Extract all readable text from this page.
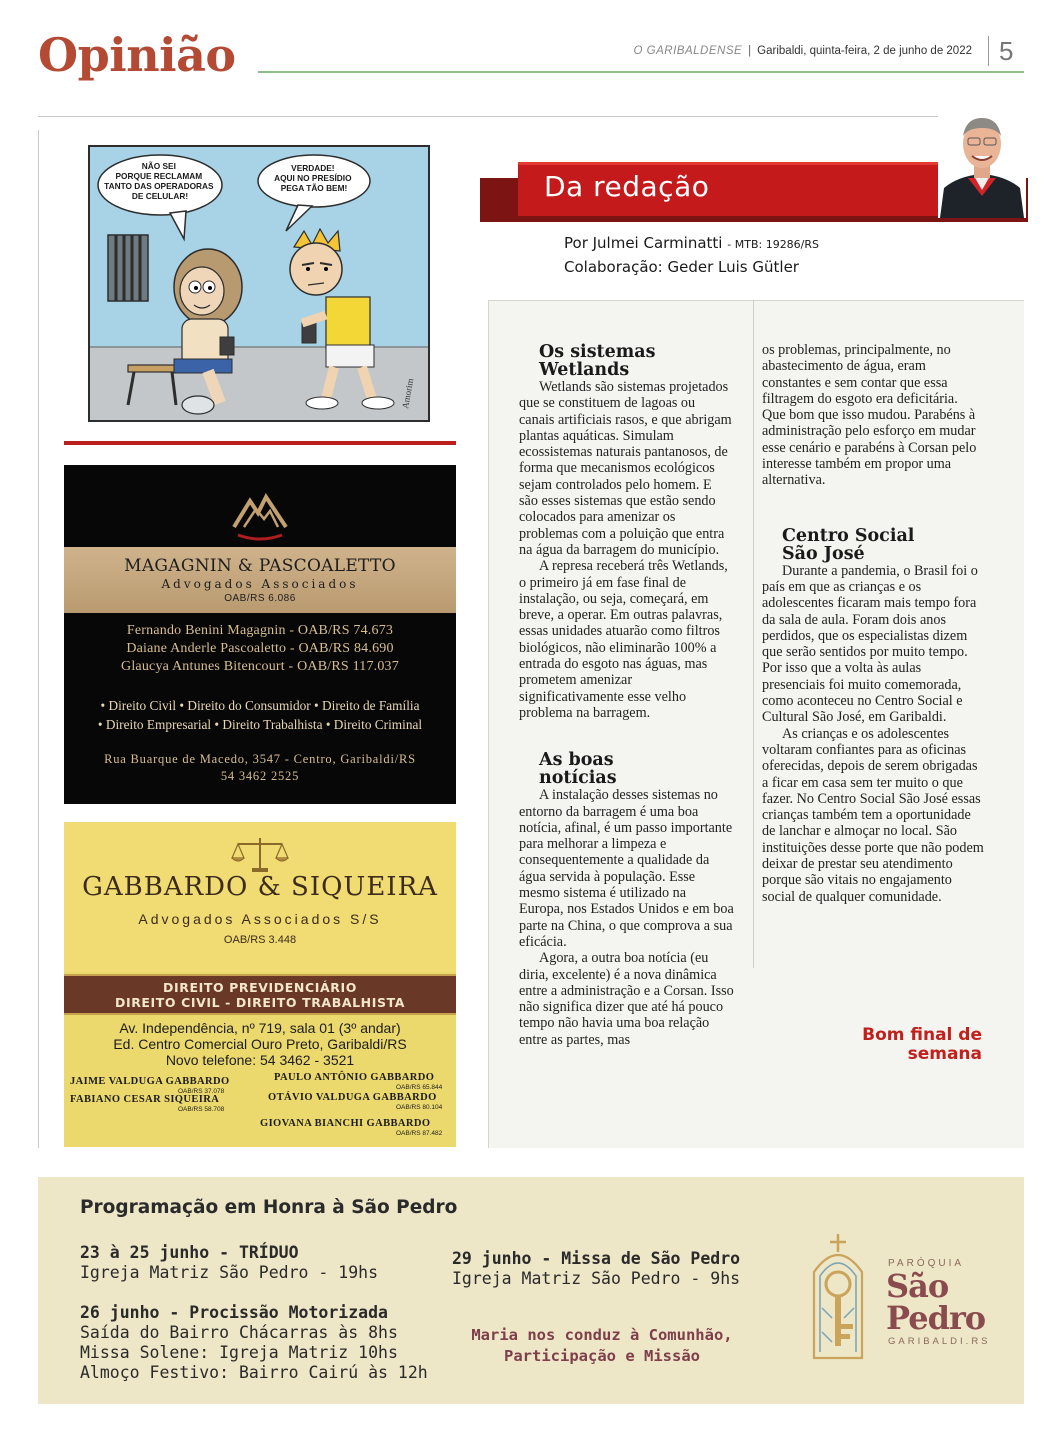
Opinião	O GARIBALDENSE | Garibaldi, quinta-feira, 2 de junho de 2022	5
NÃO SEI PORQUE RECLAMAM TANTO DAS OPERADORAS DE CELULAR!
VERDADE! AQUI NO PRESÍDIO PEGA TÃO BEM!
Amorim
MAGAGNIN & PASCOALETTO
Advogados Associados
OAB/RS 6.086
Fernando Benini Magagnin - OAB/RS 74.673
Daiane Anderle Pascoaletto - OAB/RS 84.690
Glaucya Antunes Bitencourt - OAB/RS 117.037
• Direito Civil • Direito do Consumidor • Direito de Família
• Direito Empresarial • Direito Trabalhista • Direito Criminal
Rua Buarque de Macedo, 3547 - Centro, Garibaldi/RS
54 3462 2525
GABBARDO & SIQUEIRA
Advogados Associados S/S
OAB/RS 3.448
DIREITO PREVIDENCIÁRIO
DIREITO CIVIL - DIREITO TRABALHISTA
Av. Independência, nº 719, sala 01 (3º andar)
Ed. Centro Comercial Ouro Preto, Garibaldi/RS
Novo telefone: 54 3462 - 3521
JAIME VALDUGA GABBARDO
OAB/RS 37.078
PAULO ANTÔNIO GABBARDO
OAB/RS 65.844
FABIANO CESAR SIQUEIRA
OAB/RS 58.708
OTÁVIO VALDUGA GABBARDO
OAB/RS 80.104
GIOVANA BIANCHI GABBARDO
OAB/RS 87.482
Da redação
Por Julmei Carminatti - MTB: 19286/RS
Colaboração: Geder Luis Gütler
Os sistemas Wetlands

Wetlands são sistemas projetados que se constituem de lagoas ou canais artificiais rasos, e que abrigam plantas aquáticas. Simulam ecossistemas naturais pantanosos, de forma que mecanismos ecológicos sejam controlados pelo homem. E são esses sistemas que estão sendo colocados para amenizar os problemas com a poluição que entra na água da barragem do município.

A represa receberá três Wetlands, o primeiro já em fase final de instalação, ou seja, começará, em breve, a operar. Em outras palavras, essas unidades atuarão como filtros biológicos, não eliminarão 100% a entrada do esgoto nas águas, mas prometem amenizar significativamente esse velho problema na barragem.

As boas notícias

A instalação desses sistemas no entorno da barragem é uma boa notícia, afinal, é um passo importante para melhorar a limpeza e consequentemente a qualidade da água servida à população. Esse mesmo sistema é utilizado na Europa, nos Estados Unidos e em boa parte na China, o que comprova a sua eficácia.

Agora, a outra boa notícia (eu diria, excelente) é a nova dinâmica entre a administração e a Corsan. Isso não significa dizer que até há pouco tempo não havia uma boa relação entre as partes, mas

os problemas, principalmente, no abastecimento de água, eram constantes e sem contar que essa filtragem do esgoto era deficitária. Que bom que isso mudou. Parabéns à administração pelo esforço em mudar esse cenário e parabéns à Corsan pelo interesse também em propor uma alternativa.

Centro Social São José

Durante a pandemia, o Brasil foi o país em que as crianças e os adolescentes ficaram mais tempo fora da sala de aula. Foram dois anos perdidos, que os especialistas dizem que serão sentidos por muito tempo. Por isso que a volta às aulas presenciais foi muito comemorada, como aconteceu no Centro Social e Cultural São José, em Garibaldi.

As crianças e os adolescentes voltaram confiantes para as oficinas oferecidas, depois de serem obrigadas a ficar em casa sem ter muito o que fazer. No Centro Social São José essas crianças também tem a oportunidade de lanchar e almoçar no local. São instituições desse porte que não podem deixar de prestar seu atendimento porque são vitais no engajamento social de qualquer comunidade.

Bom final de semana
Programação em Honra à São Pedro
23 à 25 junho - TRÍDUO
Igreja Matriz São Pedro - 19hs
26 junho - Procissão Motorizada
Saída do Bairro Chácarras às 8hs
Missa Solene: Igreja Matriz 10hs
Almoço Festivo: Bairro Cairú às 12h
29 junho - Missa de São Pedro
Igreja Matriz São Pedro - 9hs
Maria nos conduz à Comunhão,
Participação e Missão
PARÓQUIA
São
Pedro
GARIBALDI.RS
